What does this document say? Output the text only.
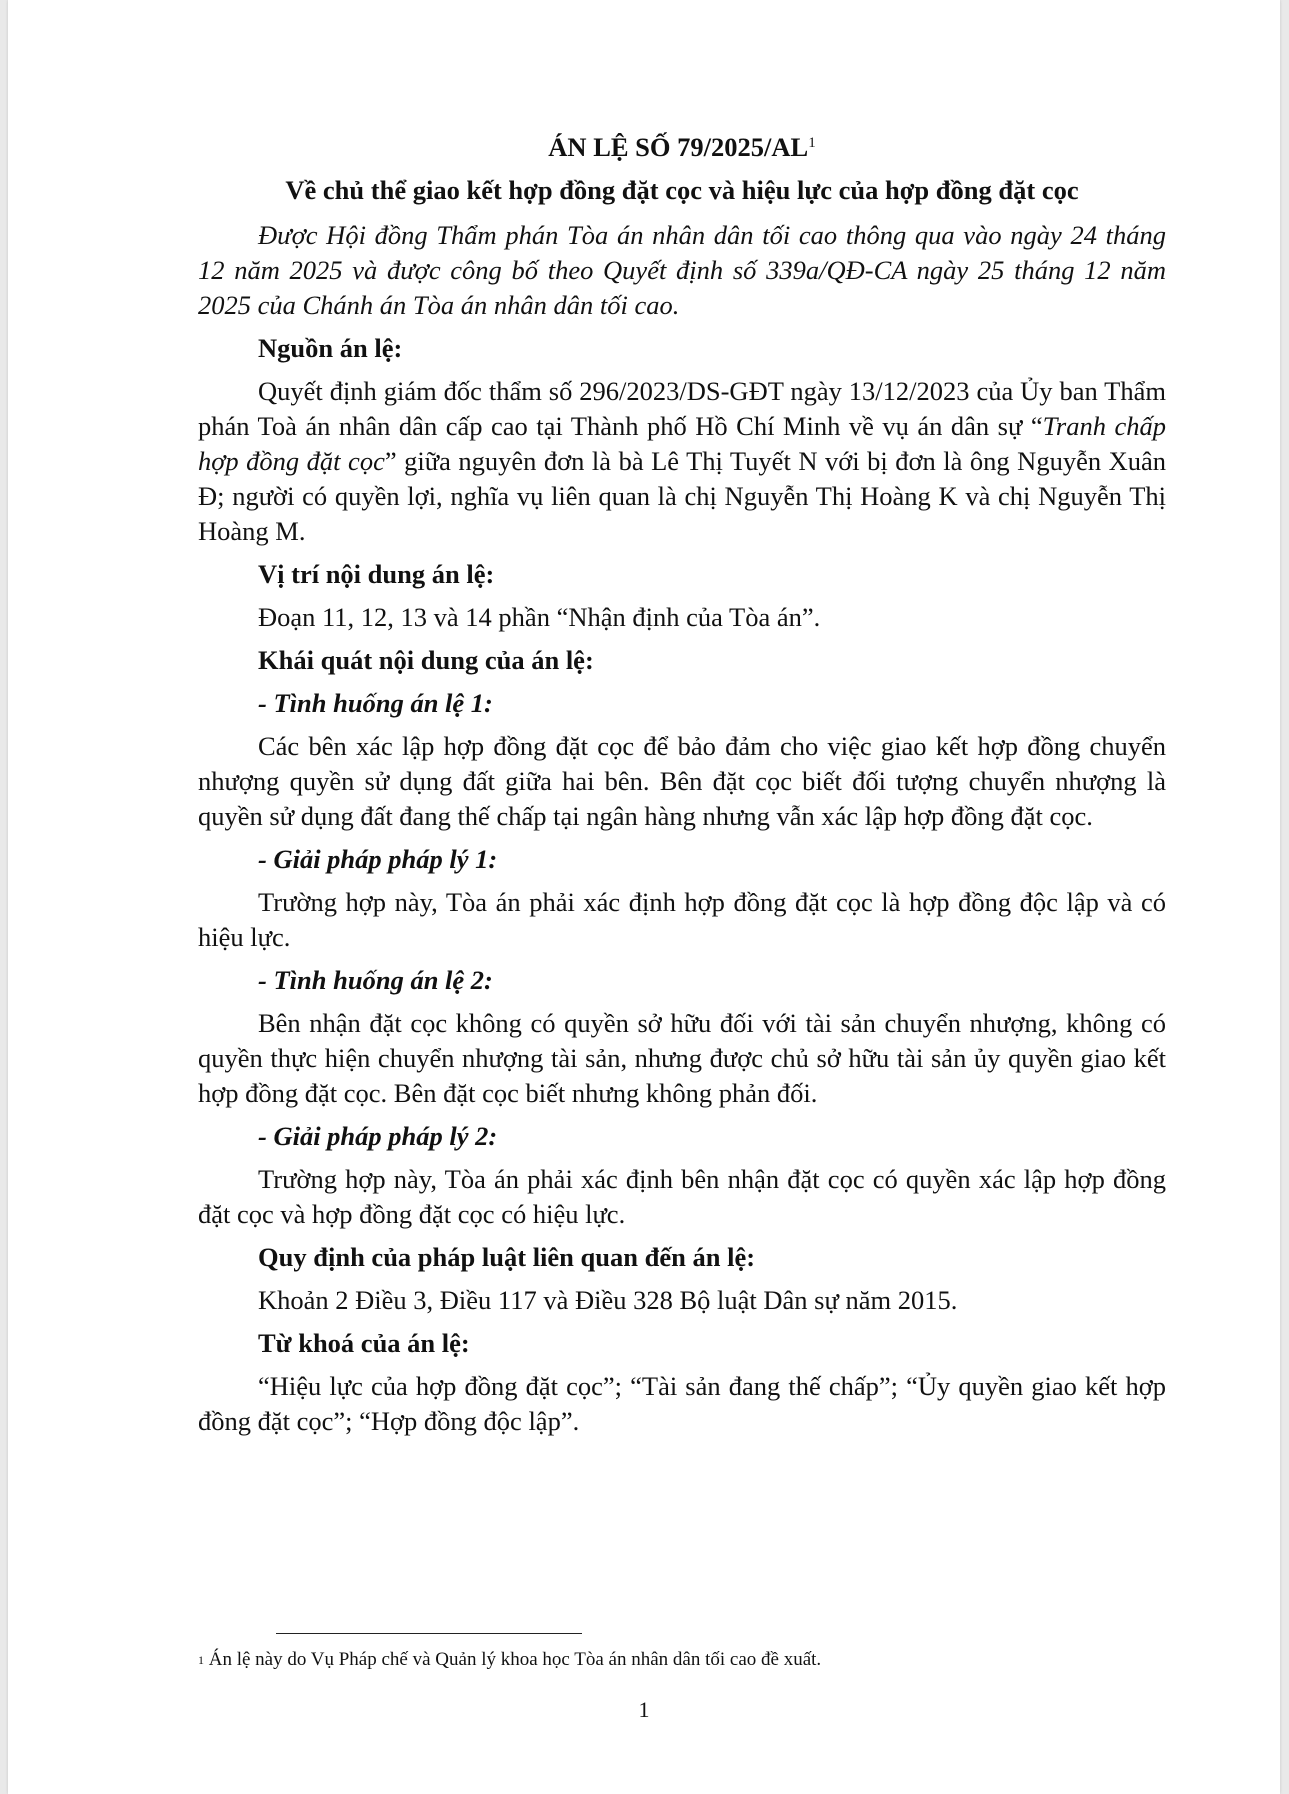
ÁN LỆ SỐ $79/2025/AL^1$
Về chủ thể giao kết hợp đồng đặt cọc và hiệu lực của hợp đồng đặt cọc

Được Hội đồng Thẩm phán Tòa án nhân dân tối cao thông qua vào ngày 24 tháng 12 năm 2025 và được công bố theo Quyết định số 339a/QĐ-CA ngày 25 tháng 12 năm 2025 của Chánh án Tòa án nhân dân tối cao.

Nguồn án lệ:

Quyết định giám đốc thẩm số 296/2023/DS-GĐT ngày 13/12/2023 của Ủy ban Thẩm phán Toà án nhân dân cấp cao tại Thành phố Hồ Chí Minh về vụ án dân sự “Tranh chấp hợp đồng đặt cọc” giữa nguyên đơn là bà Lê Thị Tuyết N với bị đơn là ông Nguyễn Xuân Đ; người có quyền lợi, nghĩa vụ liên quan là chị Nguyễn Thị Hoàng K và chị Nguyễn Thị Hoàng M.

Vị trí nội dung án lệ:

Đoạn 11, 12, 13 và 14 phần “Nhận định của Tòa án”.

Khái quát nội dung của án lệ:
- Tình huống án lệ 1:

Các bên xác lập hợp đồng đặt cọc để bảo đảm cho việc giao kết hợp đồng chuyển nhượng quyền sử dụng đất giữa hai bên. Bên đặt cọc biết đối tượng chuyển nhượng là quyền sử dụng đất đang thế chấp tại ngân hàng nhưng vẫn xác lập hợp đồng đặt cọc.

- Giải pháp pháp lý 1:

Trường hợp này, Tòa án phải xác định hợp đồng đặt cọc là hợp đồng độc lập và có hiệu lực.

- Tình huống án lệ 2:

Bên nhận đặt cọc không có quyền sở hữu đối với tài sản chuyển nhượng, không có quyền thực hiện chuyển nhượng tài sản, nhưng được chủ sở hữu tài sản ủy quyền giao kết hợp đồng đặt cọc. Bên đặt cọc biết nhưng không phản đối.

- Giải pháp pháp lý 2:

Trường hợp này, Tòa án phải xác định bên nhận đặt cọc có quyền xác lập hợp đồng đặt cọc và hợp đồng đặt cọc có hiệu lực.

Quy định của pháp luật liên quan đến án lệ:

Khoản 2 Điều 3, Điều 117 và Điều 328 Bộ luật Dân sự năm 2015.

Từ khoá của án lệ:

“Hiệu lực của hợp đồng đặt cọc”; “Tài sản đang thế chấp”; “Ủy quyền giao kết hợp đồng đặt cọc”; “Hợp đồng độc lập”.

$^1$ Án lệ này do Vụ Pháp chế và Quản lý khoa học Tòa án nhân dân tối cao đề xuất.
1
